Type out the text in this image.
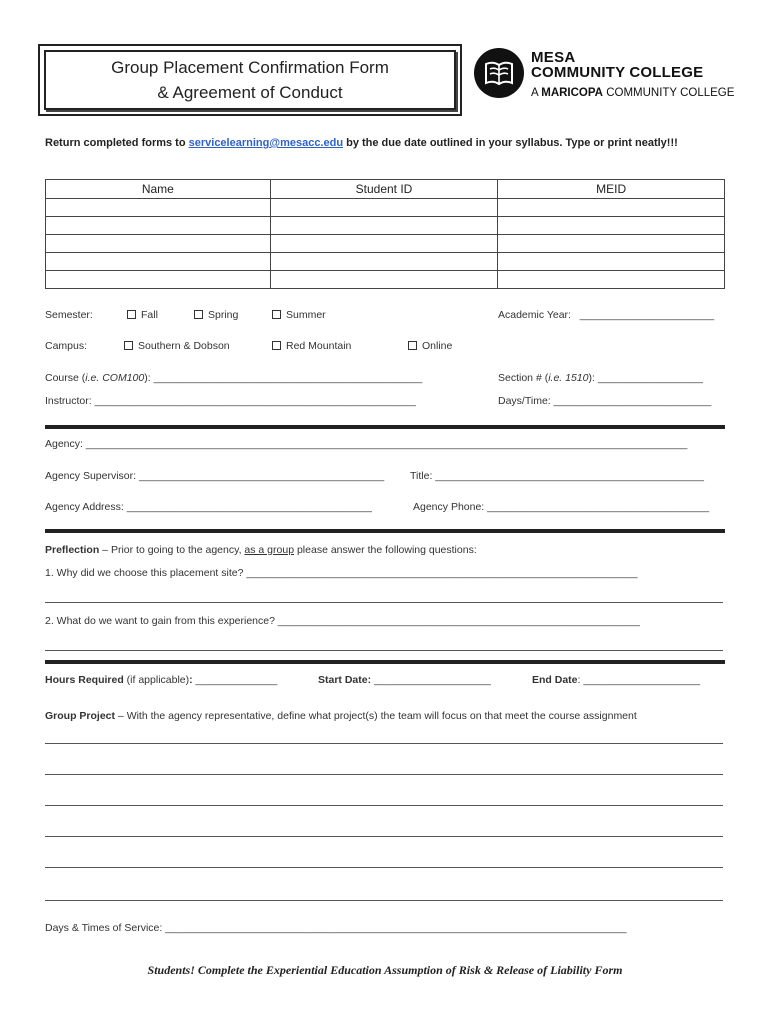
Group Placement Confirmation Form
& Agreement of Conduct
MESA
COMMUNITY COLLEGE
A MARICOPA COMMUNITY COLLEGE
Return completed forms to servicelearning@mesacc.edu by the due date outlined in your syllabus. Type or print neatly!!!
Name	Student ID	MEID

Semester:	Fall	Spring	Summer	Academic Year: _______________________
Campus:	Southern & Dobson	Red Mountain	Online
Course (i.e. COM100): ______________________________________________	Section # (i.e. 1510): __________________
Instructor: _______________________________________________________	Days/Time: ___________________________
Agency: _______________________________________________________________________________________________________
Agency Supervisor: __________________________________________ Title: ______________________________________________
Agency Address: __________________________________________	Agency Phone: ______________________________________
Preflection – Prior to going to the agency, as a group please answer the following questions:
1. Why did we choose this placement site? ___________________________________________________________________
2. What do we want to gain from this experience? ______________________________________________________________
Hours Required (if applicable): ______________	Start Date: ____________________	End Date: ____________________
Group Project – With the agency representative, define what project(s) the team will focus on that meet the course assignment
Days & Times of Service: _______________________________________________________________________________
Students! Complete the Experiential Education Assumption of Risk & Release of Liability Form
